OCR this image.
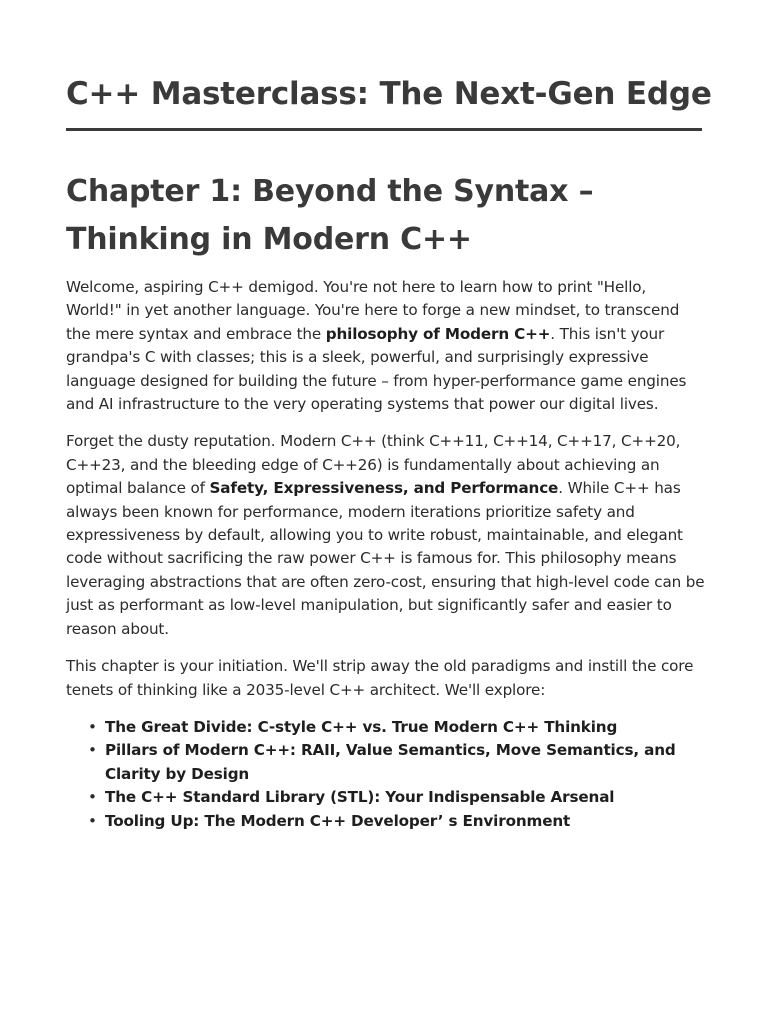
C++ Masterclass: The Next-Gen Edge
Chapter 1: Beyond the Syntax – Thinking in Modern C++

Welcome, aspiring C++ demigod. You're not here to learn how to print "Hello, World!" in yet another language. You're here to forge a new mindset, to transcend the mere syntax and embrace the philosophy of Modern C++. This isn't your grandpa's C with classes; this is a sleek, powerful, and surprisingly expressive language designed for building the future – from hyper-performance game engines and AI infrastructure to the very operating systems that power our digital lives.

Forget the dusty reputation. Modern C++ (think C++11, C++14, C++17, C++20, C++23, and the bleeding edge of C++26) is fundamentally about achieving an optimal balance of Safety, Expressiveness, and Performance. While C++ has always been known for performance, modern iterations prioritize safety and expressiveness by default, allowing you to write robust, maintainable, and elegant code without sacrificing the raw power C++ is famous for. This philosophy means leveraging abstractions that are often zero-cost, ensuring that high-level code can be just as performant as low-level manipulation, but significantly safer and easier to reason about.

This chapter is your initiation. We'll strip away the old paradigms and instill the core tenets of thinking like a 2035-level C++ architect. We'll explore:

• The Great Divide: C-style C++ vs. True Modern C++ Thinking
• Pillars of Modern C++: RAII, Value Semantics, Move Semantics, and Clarity by Design
• The C++ Standard Library (STL): Your Indispensable Arsenal
• Tooling Up: The Modern C++ Developer’ s Environment
